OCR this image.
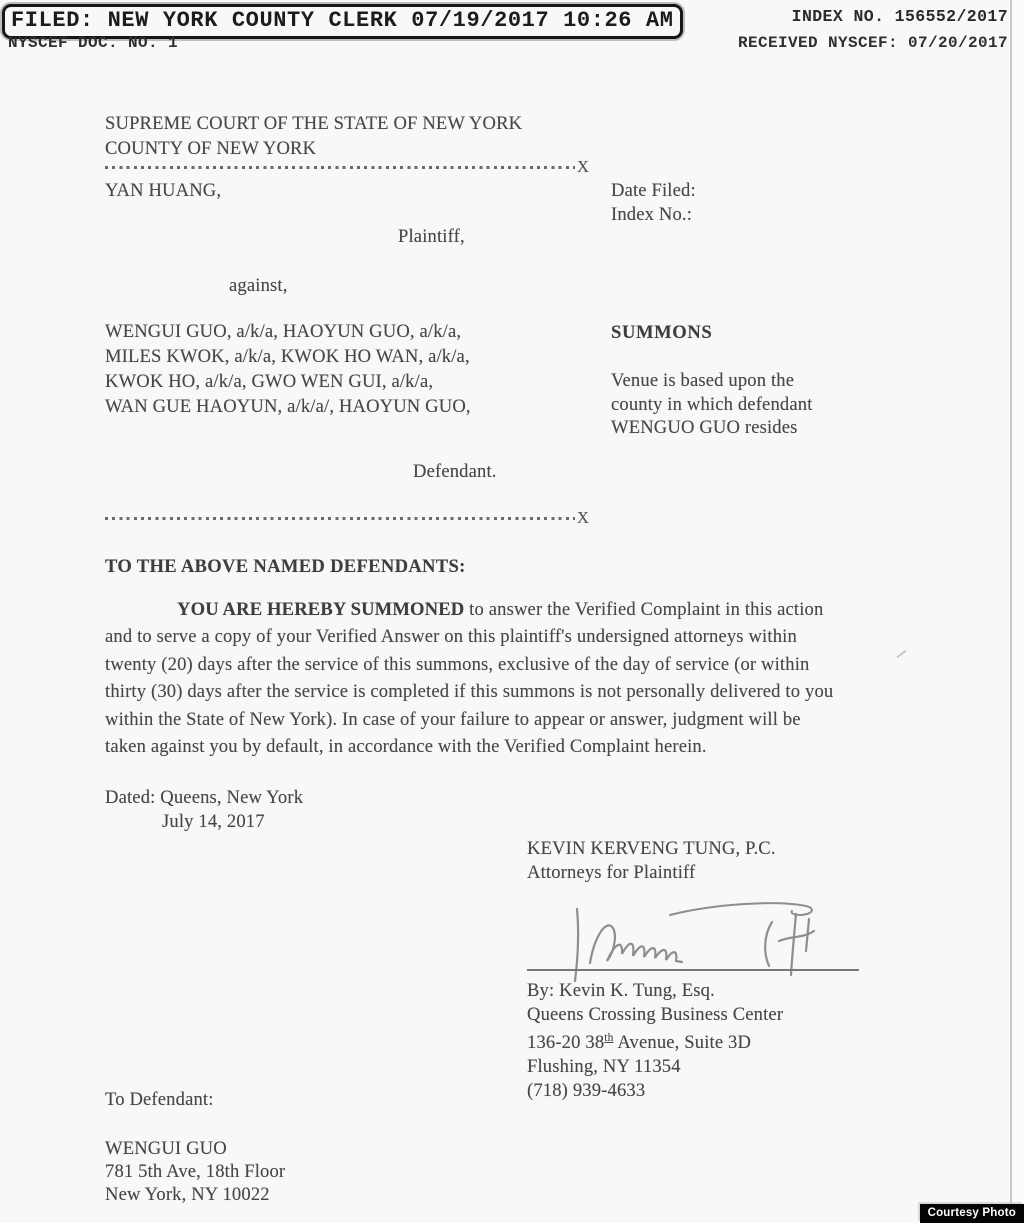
FILED: NEW YORK COUNTY CLERK 07/19/2017 10:26 AM	INDEX NO. 156552/2017
NYSCEF DOC. NO. 1	RECEIVED NYSCEF: 07/20/2017
SUPREME COURT OF THE STATE OF NEW YORK
COUNTY OF NEW YORK
X
YAN HUANG,	Date Filed:
Index No.:
Plaintiff,
against,
WENGUI GUO, a/k/a, HAOYUN GUO, a/k/a,
MILES KWOK, a/k/a, KWOK HO WAN, a/k/a,
KWOK HO, a/k/a, GWO WEN GUI, a/k/a,
WAN GUE HAOYUN, a/k/a/, HAOYUN GUO,
SUMMONS
Venue is based upon the
county in which defendant
WENGUO GUO resides
Defendant.
X
TO THE ABOVE NAMED DEFENDANTS:
YOU ARE HEREBY SUMMONED to answer the Verified Complaint in this action
and to serve a copy of your Verified Answer on this plaintiff's undersigned attorneys within
twenty (20) days after the service of this summons, exclusive of the day of service (or within
thirty (30) days after the service is completed if this summons is not personally delivered to you
within the State of New York). In case of your failure to appear or answer, judgment will be
taken against you by default, in accordance with the Verified Complaint herein.
Dated: Queens, New York
July 14, 2017
KEVIN KERVENG TUNG, P.C.
Attorneys for Plaintiff
By: Kevin K. Tung, Esq.
Queens Crossing Business Center
136-20 38th Avenue, Suite 3D
Flushing, NY 11354
(718) 939-4633
To Defendant:
WENGUI GUO
781 5th Ave, 18th Floor
New York, NY 10022
Courtesy Photo
